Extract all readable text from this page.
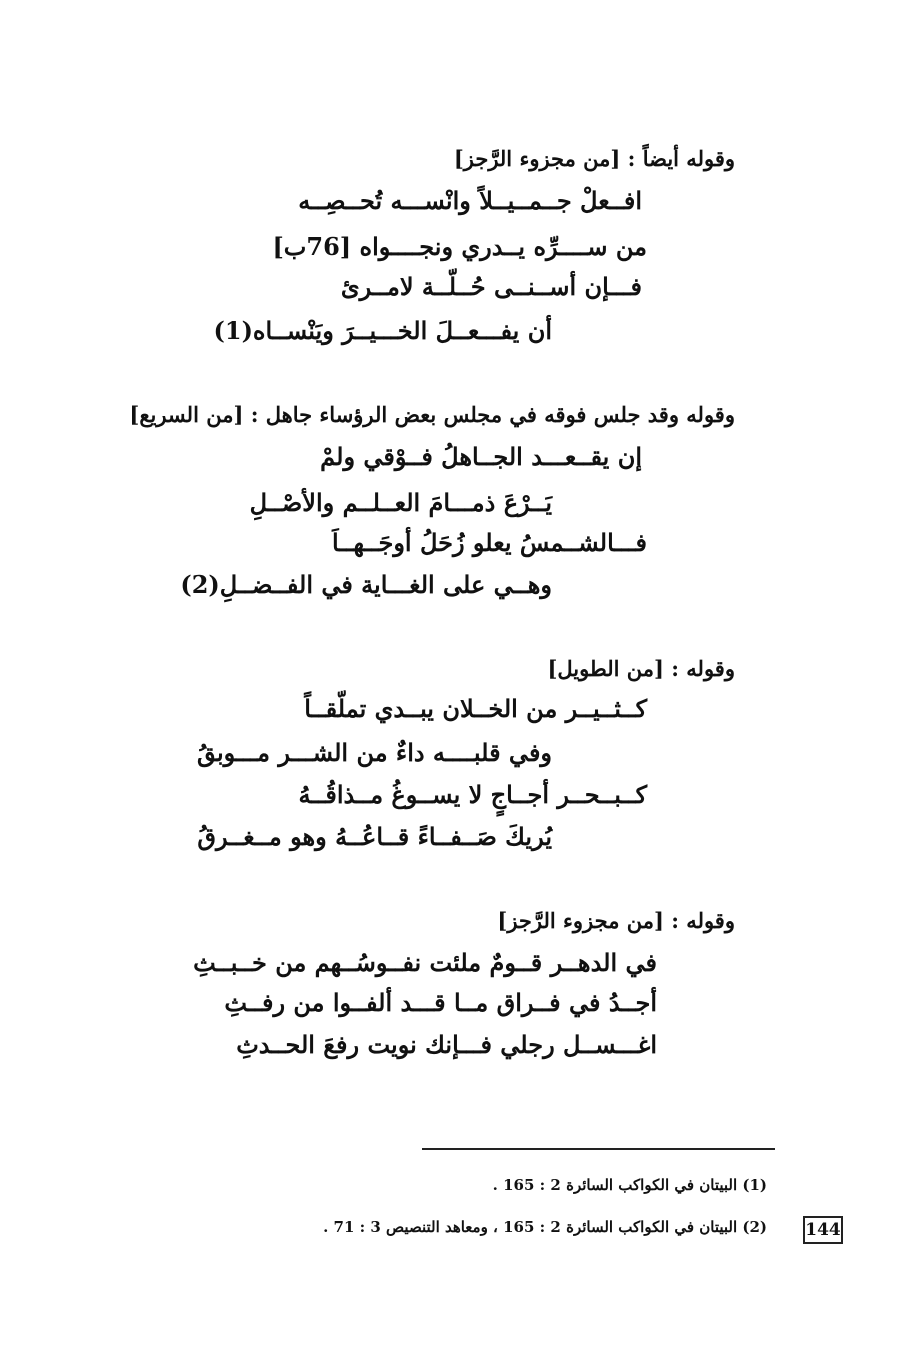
وقوله أيضاً : [من مجزوء الرَّجز]
افــعلْ جــمــيــلاً وانْســـه تُحــصِــه
من ســــرِّه يــدري ونجــــواه [76ب]
فـــإن أســنــى حُــلّــة لامــرئ
أن يفـــعــلَ الخـــيــرَ ويَنْســاه(1)
وقوله وقد جلس فوقه في مجلس بعض الرؤساء جاهل : [من السريع]
إن يقــعـــد الجــاهلُ فــوْقي ولمْ
يَــرْعَ ذمـــامَ العــلــم والأصْــلِ
فـــالشــمسُ يعلو زُحَلُ أوجَــهــاَ
وهــي على الغـــاية في الفــضــلِ(2)
وقوله : [من الطويل]
كــثــيــر من الخــلان يبــدي تملّقــاً
وفي قلبــــه داءٌ من الشـــر مـــوبقُ
كــبــحــر أجــاجٍ لا يســوغُ مــذاقُــهُ
يُريكَ صَــفــاءً قــاعُــهُ وهو مــغــرقُ
وقوله : [من مجزوء الرَّجز]
في الدهــر قــومٌ ملئت نفــوسُــهم من خــبــثِ
أجــدُ في فــراق مــا قـــد ألفــوا من رفــثِ
اغـــســل رجلي فـــإنك نويت رفعَ الحــدثِ
(1) البيتان في الكواكب السائرة 2 : 165 .
(2) البيتان في الكواكب السائرة 2 : 165 ، ومعاهد التنصيص 3 : 71 . 144
